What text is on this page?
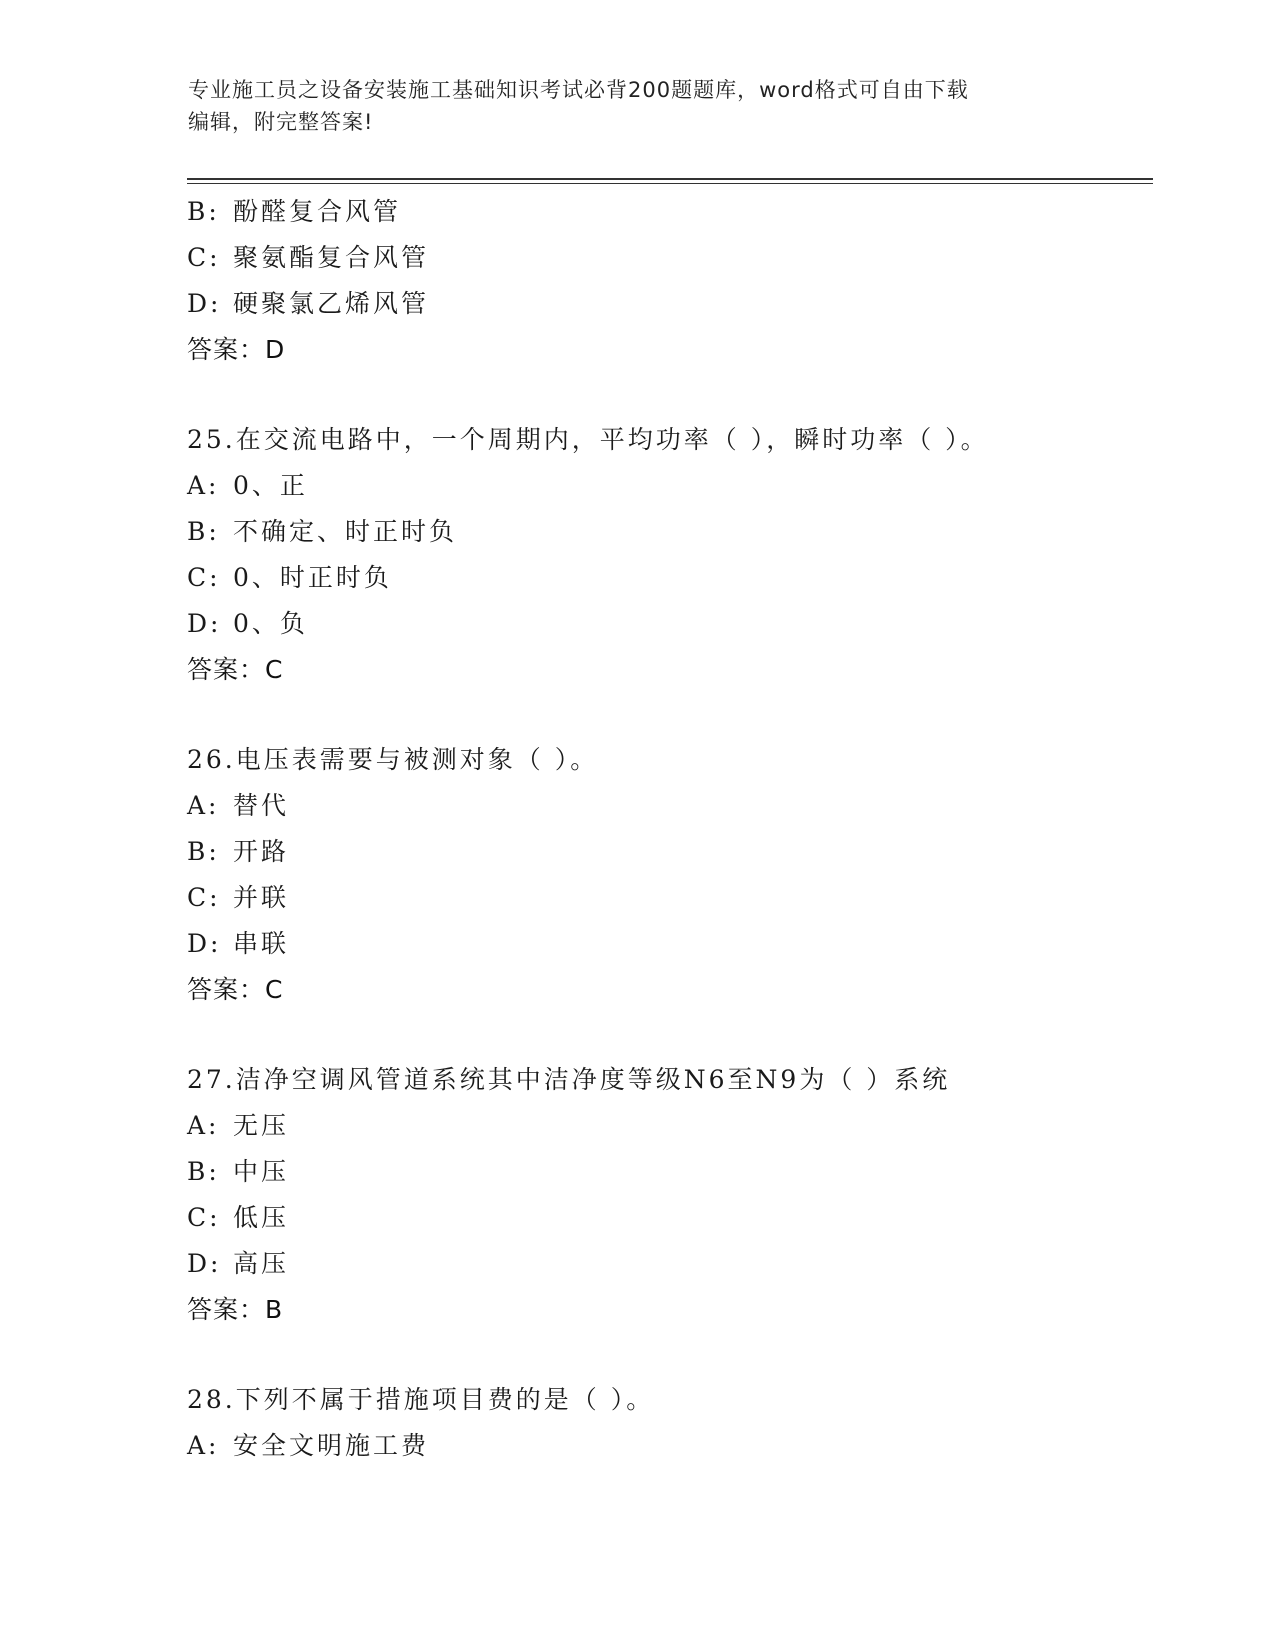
专业施工员之设备安装施工基础知识考试必背200题题库，word格式可自由下载
编辑，附完整答案!
B: 酚醛复合风管
C: 聚氨酯复合风管
D: 硬聚氯乙烯风管
答案：D
25.在交流电路中，一个周期内，平均功率（ ），瞬时功率（ ）。
A: 0、正
B: 不确定、时正时负
C: 0、时正时负
D: 0、负
答案：C
26.电压表需要与被测对象（ ）。
A: 替代
B: 开路
C: 并联
D: 串联
答案：C
27.洁净空调风管道系统其中洁净度等级N6至N9为（ ）系统
A: 无压
B: 中压
C: 低压
D: 高压
答案：B
28.下列不属于措施项目费的是（ ）。
A: 安全文明施工费
